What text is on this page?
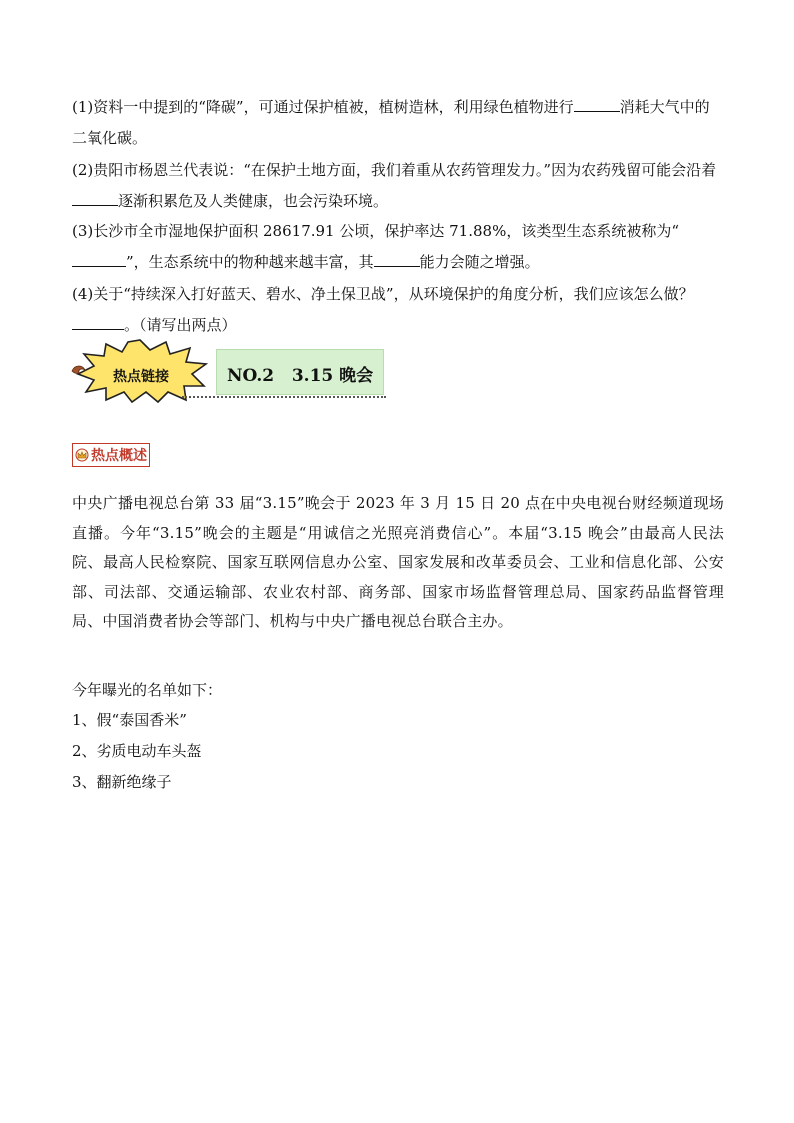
(1)资料一中提到的“降碳”，可通过保护植被，植树造林，利用绿色植物进行	消耗大气中的二氧化碳。

(2)贵阳市杨恩兰代表说：“在保护土地方面，我们着重从农药管理发力。”因为农药残留可能会沿着逐渐积累危及人类健康，也会污染环境。

(3)长沙市全市湿地保护面积 28617.91 公顷，保护率达 71.88%，该类型生态系统被称为“”，生态系统中的物种越来越丰富，其	能力会随之增强。

(4)关于“持续深入打好蓝天、碧水、净土保卫战”，从环境保护的角度分析，我们应该怎么做？。（请写出两点）

热点链接	NO.2   3.15 晚会
热点概述

中央广播电视总台第 33 届“3.15”晚会于 2023 年 3 月 15 日 20 点在中央电视台财经频道现场直播。今年“3.15”晚会的主题是“用诚信之光照亮消费信心”。本届“3.15 晚会”由最高人民法院、最高人民检察院、国家互联网信息办公室、国家发展和改革委员会、工业和信息化部、公安部、司法部、交通运输部、农业农村部、商务部、国家市场监督管理总局、国家药品监督管理局、中国消费者协会等部门、机构与中央广播电视总台联合主办。

今年曝光的名单如下：

1、假“泰国香米”

2、劣质电动车头盔

3、翻新绝缘子
